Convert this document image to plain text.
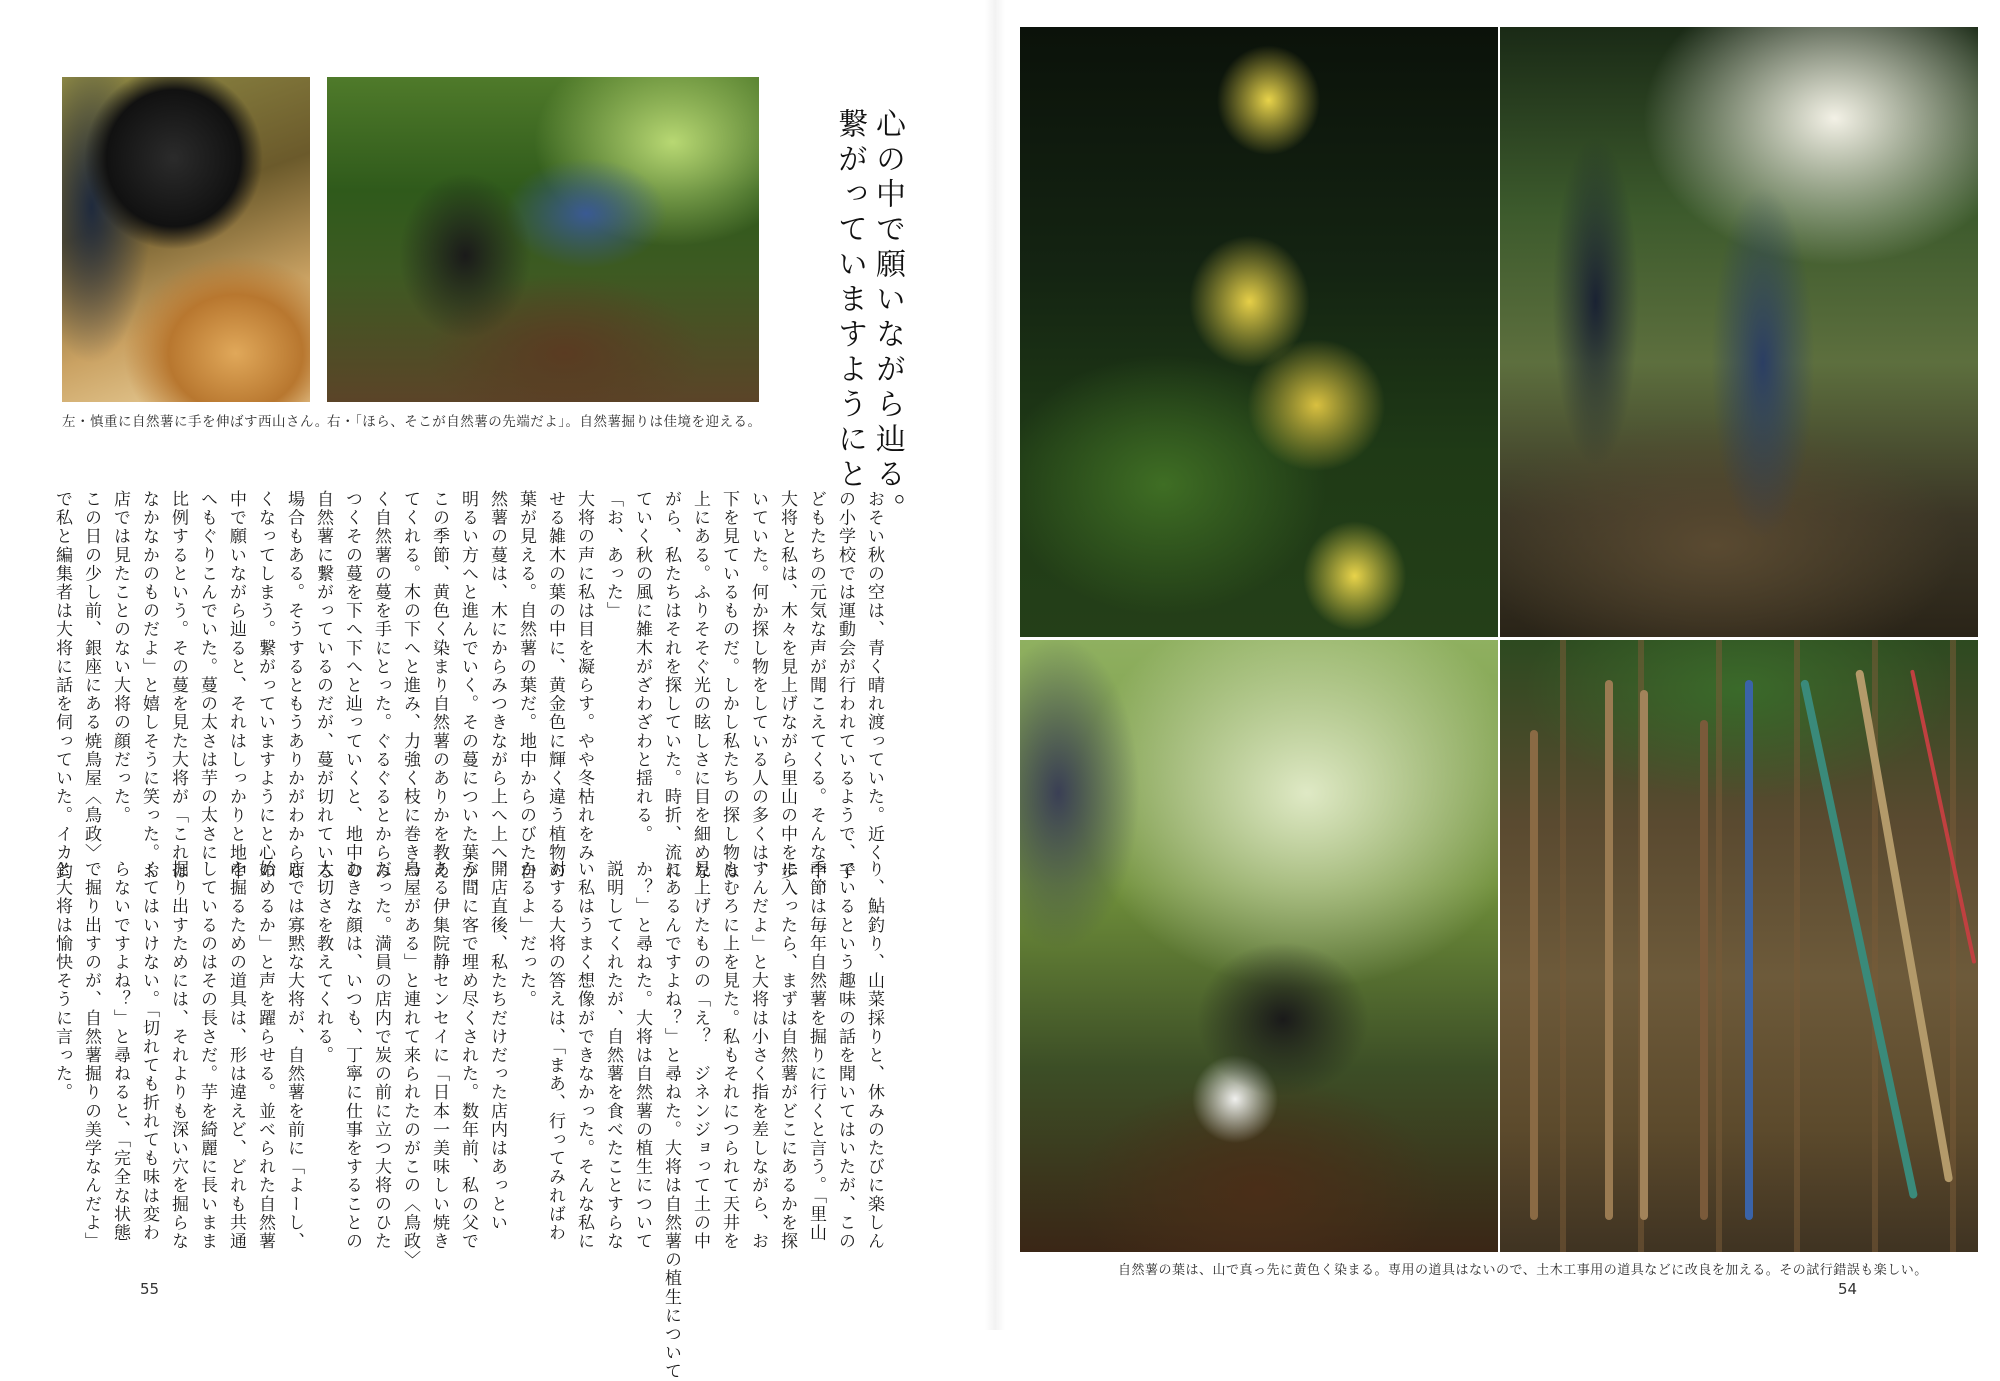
左・慎重に自然薯に手を伸ばす西山さん。
右・「ほら、そこが自然薯の先端だよ」。自然薯掘りは佳境を迎える。	心の中で願いながら辿る。
繋がっていますようにと
おそい秋の空は、青く晴れ渡っていた。近く
の小学校では運動会が行われているようで、子
どもたちの元気な声が聞こえてくる。そんな中、
大将と私は、木々を見上げながら里山の中を歩
いていた。何か探し物をしている人の多くは、
下を見ているものだ。しかし私たちの探し物は
上にある。ふりそそぐ光の眩しさに目を細めな
がら、私たちはそれを探していた。時折、流れ
ていく秋の風に雑木がざわざわと揺れる。
「お、あった」
大将の声に私は目を凝らす。やや冬枯れをみ
せる雑木の葉の中に、黄金色に輝く違う植物の
葉が見える。自然薯の葉だ。地中からのびた自
然薯の蔓は、木にからみつきながら上へ上へ、
明るい方へと進んでいく。その蔓についた葉が、
この季節、黄色く染まり自然薯のありかを教え
てくれる。木の下へと進み、力強く枝に巻きつ
く自然薯の蔓を手にとった。ぐるぐるとからみ
つくその蔓を下へ下へと辿っていくと、地中の
自然薯に繋がっているのだが、蔓が切れている
場合もある。そうするともうありかがわからな
くなってしまう。繋がっていますようにと心の
中で願いながら辿ると、それはしっかりと地中
へもぐりこんでいた。蔓の太さは芋の太さに
比例するという。その蔓を見た大将が「これは
なかなかのものだよ」と嬉しそうに笑った。お
店では見たことのない大将の顔だった。
この日の少し前、銀座にある焼鳥屋〈鳥政〉
で私と編集者は大将に話を伺っていた。イカ釣
り、鮎釣り、山菜採りと、休みのたびに楽しん
でいるという趣味の話を聞いてはいたが、この
季節は毎年自然薯を掘りに行くと言う。「里山
に入ったら、まずは自然薯がどこにあるかを探
すんだよ」と大将は小さく指を差しながら、お
もむろに上を見た。私もそれにつられて天井を
見上げたものの「え？　ジネンジョって土の中
にあるんですよね？」と尋ねた。大将は自然薯の植生について
か？」と尋ねた。大将は自然薯の植生について
説明してくれたが、自然薯を食べたことすらな
い私はうまく想像ができなかった。そんな私に
対する大将の答えは、「まあ、行ってみればわ
かるよ」だった。
開店直後、私たちだけだった店内はあっとい
う間に客で埋め尽くされた。数年前、私の父で
ある伊集院静センセイに「日本一美味しい焼き
鳥屋がある」と連れて来られたのがこの〈鳥政〉
だった。満員の店内で炭の前に立つ大将のひた
むきな顔は、いつも、丁寧に仕事をすることの
大切さを教えてくれる。
店では寡黙な大将が、自然薯を前に「よーし、
始めるか」と声を躍らせる。並べられた自然薯
を掘るための道具は、形は違えど、どれも共通
しているのはその長さだ。芋を綺麗に長いまま
掘り出すためには、それよりも深い穴を掘らな
くてはいけない。「切れても折れても味は変わ
らないですよね？」と尋ねると、「完全な状態
で掘り出すのが、自然薯掘りの美学なんだよ」
と大将は愉快そうに言った。
55
自然薯の葉は、山で真っ先に黄色く染まる。専用の道具はないので、土木工事用の道具などに改良を加える。その試行錯誤も楽しい。
54
